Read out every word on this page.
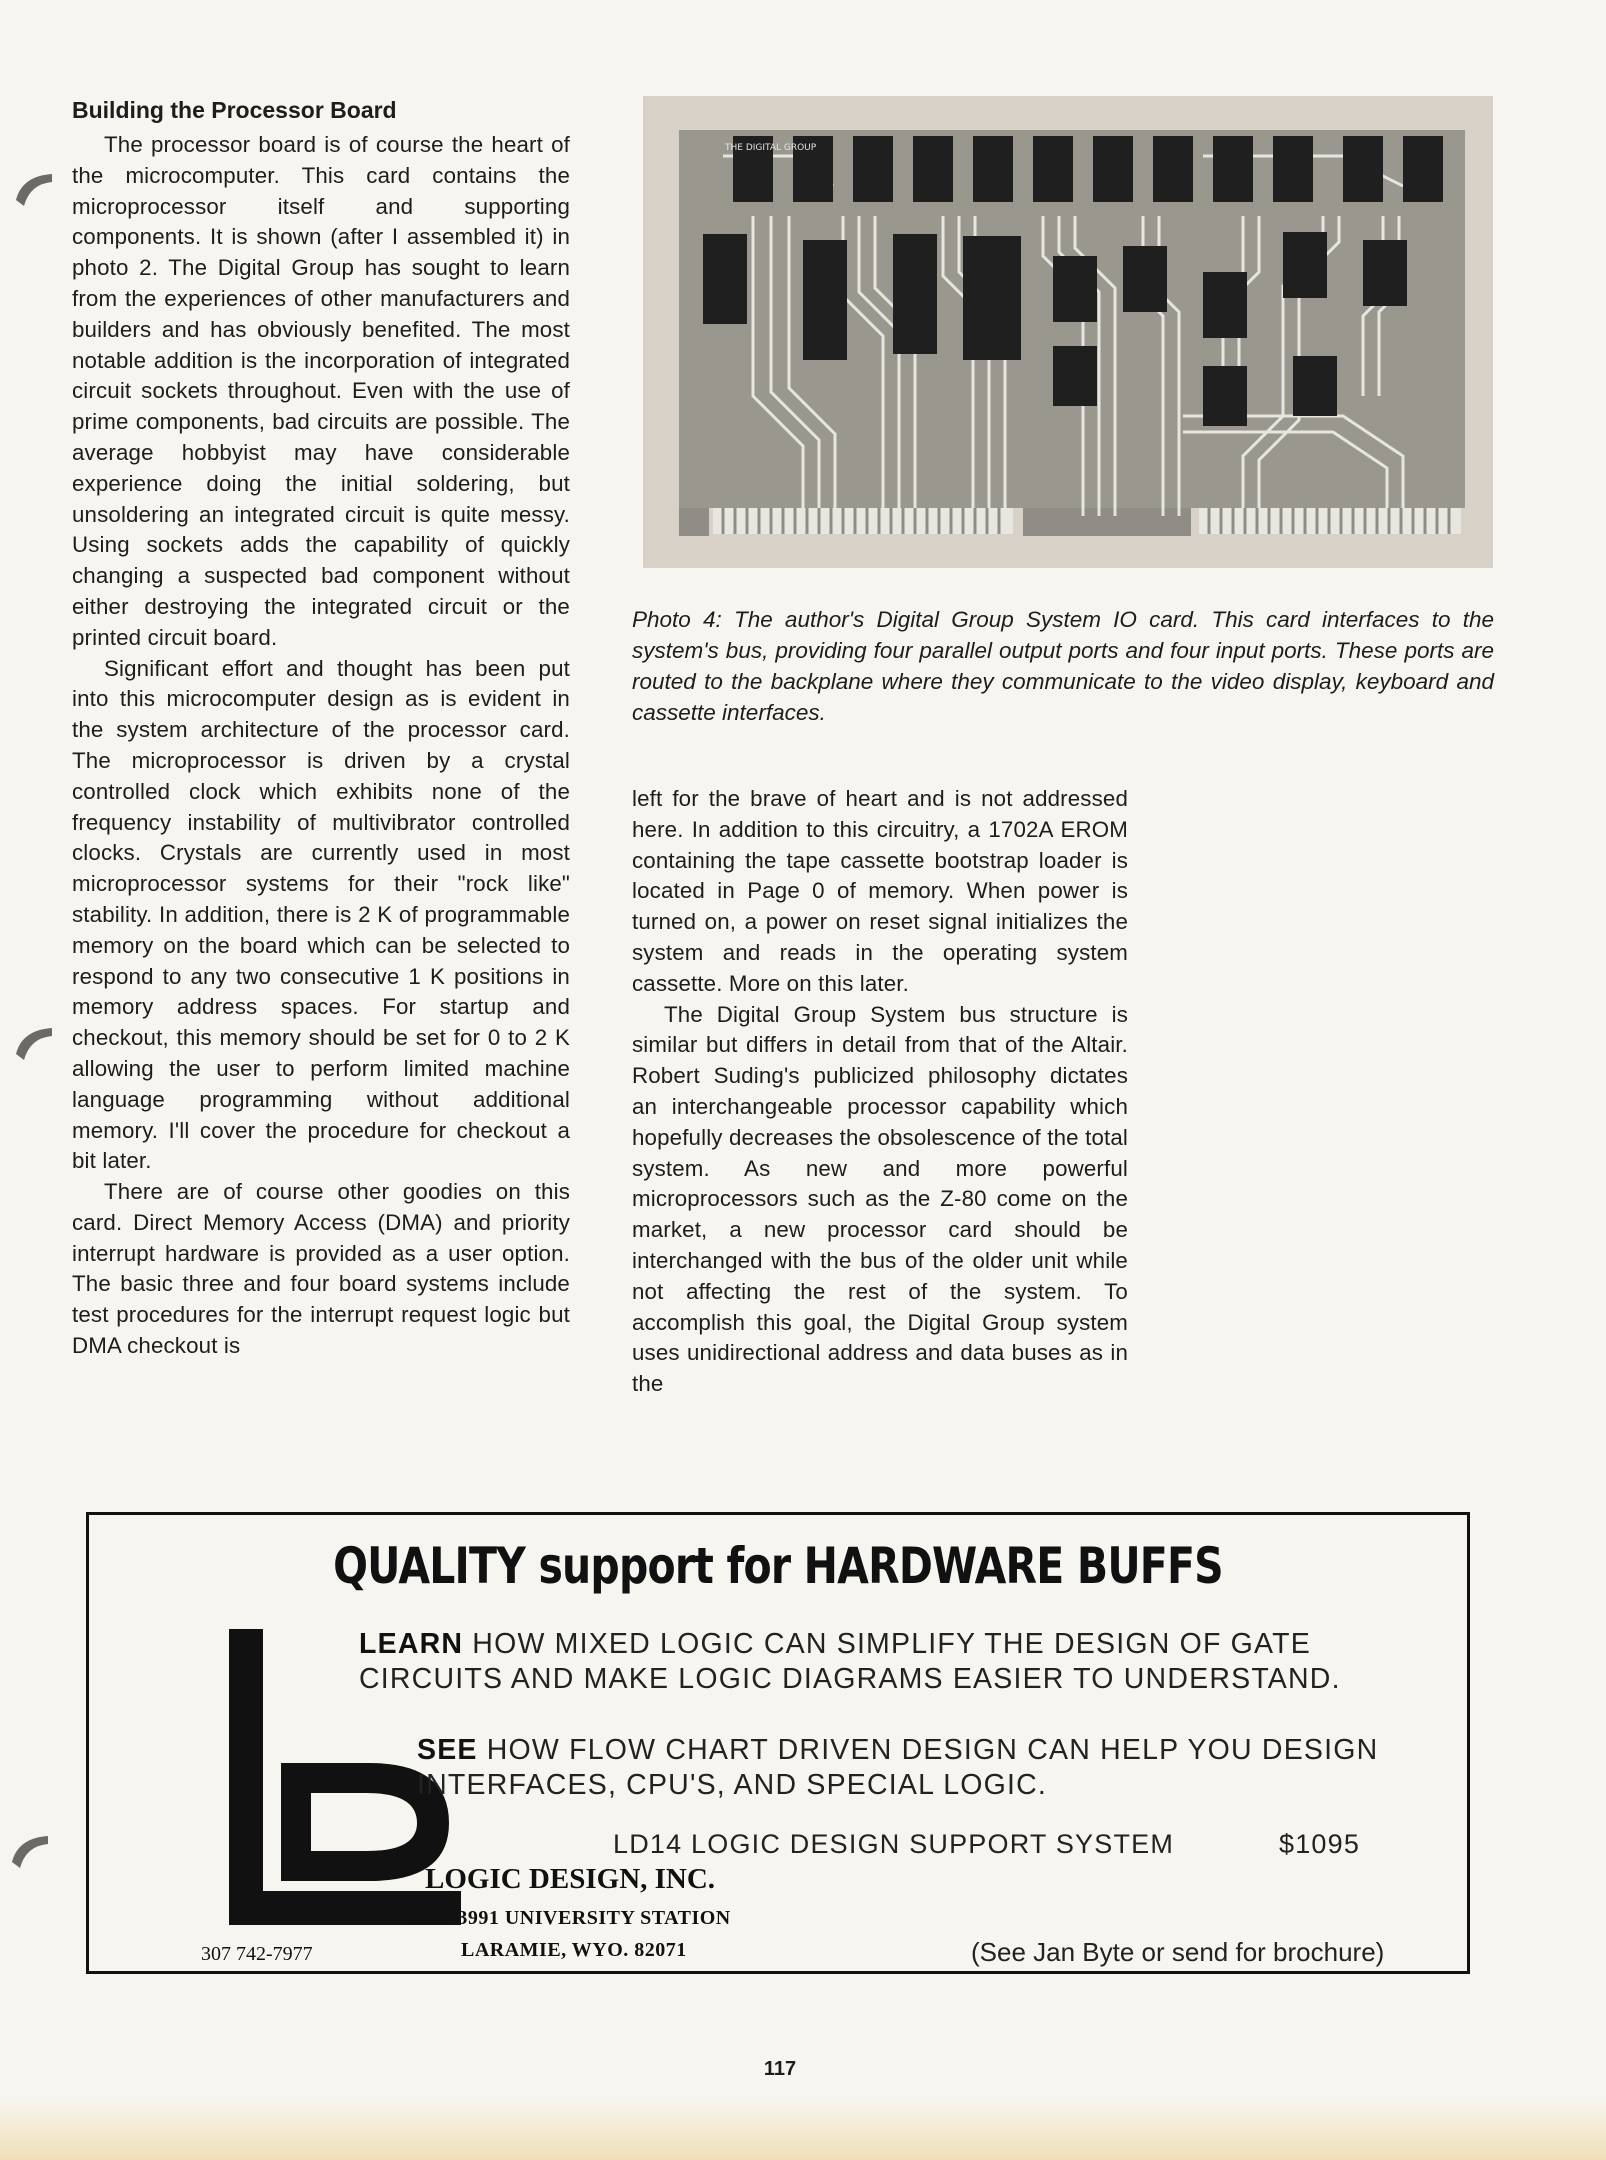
Building the Processor Board

The processor board is of course the heart of the microcomputer. This card contains the microprocessor itself and supporting components. It is shown (after I assembled it) in photo 2. The Digital Group has sought to learn from the experiences of other manufacturers and builders and has obviously benefited. The most notable addition is the incorporation of integrated circuit sockets throughout. Even with the use of prime components, bad circuits are possible. The average hobbyist may have considerable experience doing the initial soldering, but unsoldering an integrated circuit is quite messy. Using sockets adds the capability of quickly changing a suspected bad component without either destroying the integrated circuit or the printed circuit board.

Significant effort and thought has been put into this microcomputer design as is evident in the system architecture of the processor card. The microprocessor is driven by a crystal controlled clock which exhibits none of the frequency instability of multivibrator controlled clocks. Crystals are currently used in most microprocessor systems for their "rock like" stability. In addition, there is 2 K of programmable memory on the board which can be selected to respond to any two consecutive 1 K positions in memory address spaces. For startup and checkout, this memory should be set for 0 to 2 K allowing the user to perform limited machine language programming without additional memory. I'll cover the procedure for checkout a bit later.

There are of course other goodies on this card. Direct Memory Access (DMA) and priority interrupt hardware is provided as a user option. The basic three and four board systems include test procedures for the interrupt request logic but DMA checkout is

THE DIGITAL GROUP

Photo 4: The author's Digital Group System IO card. This card interfaces to the system's bus, providing four parallel output ports and four input ports. These ports are routed to the backplane where they communicate to the video display, keyboard and cassette interfaces.

left for the brave of heart and is not addressed here. In addition to this circuitry, a 1702A EROM containing the tape cassette bootstrap loader is located in Page 0 of memory. When power is turned on, a power on reset signal initializes the system and reads in the operating system cassette. More on this later.

The Digital Group System bus structure is similar but differs in detail from that of the Altair. Robert Suding's publicized philosophy dictates an interchangeable processor capability which hopefully decreases the obsolescence of the total system. As new and more powerful microprocessors such as the Z-80 come on the market, a new processor card should be interchanged with the bus of the older unit while not affecting the rest of the system. To accomplish this goal, the Digital Group system uses unidirectional address and data buses as in the

QUALITY support for HARDWARE BUFFS

LEARN HOW MIXED LOGIC CAN SIMPLIFY THE DESIGN OF GATE CIRCUITS AND MAKE LOGIC DIAGRAMS EASIER TO UNDERSTAND.

SEE HOW FLOW CHART DRIVEN DESIGN CAN HELP YOU DESIGN INTERFACES, CPU'S, AND SPECIAL LOGIC.

LD14 LOGIC DESIGN SUPPORT SYSTEM	$1095

LOGIC DESIGN, INC.

BOX 3991 UNIVERSITY STATION

LARAMIE, WYO. 82071

307 742-7977	(See Jan Byte or send for brochure)

117
